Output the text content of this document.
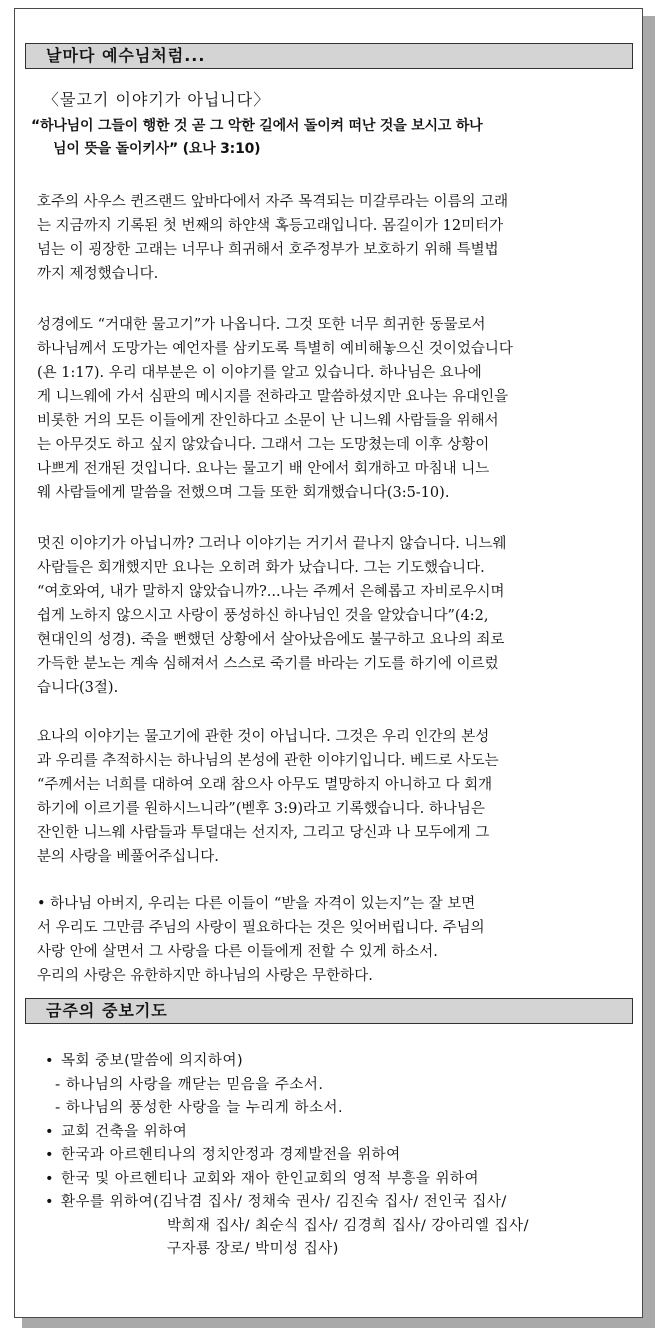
날마다 예수님처럼...
〈물고기 이야기가 아닙니다〉
“하나님이 그들이 행한 것 곧 그 악한 길에서 돌이켜 떠난 것을 보시고 하나
님이 뜻을 돌이키사” (요나 3:10)
호주의 사우스 퀸즈랜드 앞바다에서 자주 목격되는 미갈루라는 이름의 고래
는 지금까지 기록된 첫 번째의 하얀색 혹등고래입니다. 몸길이가 12미터가
넘는 이 굉장한 고래는 너무나 희귀해서 호주정부가 보호하기 위해 특별법
까지 제정했습니다.
성경에도 “거대한 물고기”가 나옵니다. 그것 또한 너무 희귀한 동물로서
하나님께서 도망가는 예언자를 삼키도록 특별히 예비해놓으신 것이었습니다
(욘 1:17). 우리 대부분은 이 이야기를 알고 있습니다. 하나님은 요나에
게 니느웨에 가서 심판의 메시지를 전하라고 말씀하셨지만 요나는 유대인을
비롯한 거의 모든 이들에게 잔인하다고 소문이 난 니느웨 사람들을 위해서
는 아무것도 하고 싶지 않았습니다. 그래서 그는 도망쳤는데 이후 상황이
나쁘게 전개된 것입니다. 요나는 물고기 배 안에서 회개하고 마침내 니느
웨 사람들에게 말씀을 전했으며 그들 또한 회개했습니다(3:5-10).
멋진 이야기가 아닙니까? 그러나 이야기는 거기서 끝나지 않습니다. 니느웨
사람들은 회개했지만 요나는 오히려 화가 났습니다. 그는 기도했습니다.
“여호와여, 내가 말하지 않았습니까?...나는 주께서 은혜롭고 자비로우시며
쉽게 노하지 않으시고 사랑이 풍성하신 하나님인 것을 알았습니다”(4:2,
현대인의 성경). 죽을 뻔했던 상황에서 살아났음에도 불구하고 요나의 죄로
가득한 분노는 계속 심해져서 스스로 죽기를 바라는 기도를 하기에 이르렀
습니다(3절).
요나의 이야기는 물고기에 관한 것이 아닙니다. 그것은 우리 인간의 본성
과 우리를 추적하시는 하나님의 본성에 관한 이야기입니다. 베드로 사도는
“주께서는 너희를 대하여 오래 참으사 아무도 멸망하지 아니하고 다 회개
하기에 이르기를 원하시느니라”(벧후 3:9)라고 기록했습니다. 하나님은
잔인한 니느웨 사람들과 투덜대는 선지자, 그리고 당신과 나 모두에게 그
분의 사랑을 베풀어주십니다.
• 하나님 아버지, 우리는 다른 이들이 “받을 자격이 있는지”는 잘 보면
서 우리도 그만큼 주님의 사랑이 필요하다는 것은 잊어버립니다. 주님의
사랑 안에 살면서 그 사랑을 다른 이들에게 전할 수 있게 하소서.
우리의 사랑은 유한하지만 하나님의 사랑은 무한하다.
금주의 중보기도
• 목회 중보(말씀에 의지하여)
- 하나님의 사랑을 깨닫는 믿음을 주소서.
- 하나님의 풍성한 사랑을 늘 누리게 하소서.
• 교회 건축을 위하여
• 한국과 아르헨티나의 정치안정과 경제발전을 위하여
• 한국 및 아르헨티나 교회와 재아 한인교회의 영적 부흥을 위하여
• 환우를 위하여(김낙겸 집사/ 정채숙 권사/ 김진숙 집사/ 전인국 집사/
박희재 집사/ 최순식 집사/ 김경희 집사/ 강아리엘 집사/
구자룡 장로/ 박미성 집사)
